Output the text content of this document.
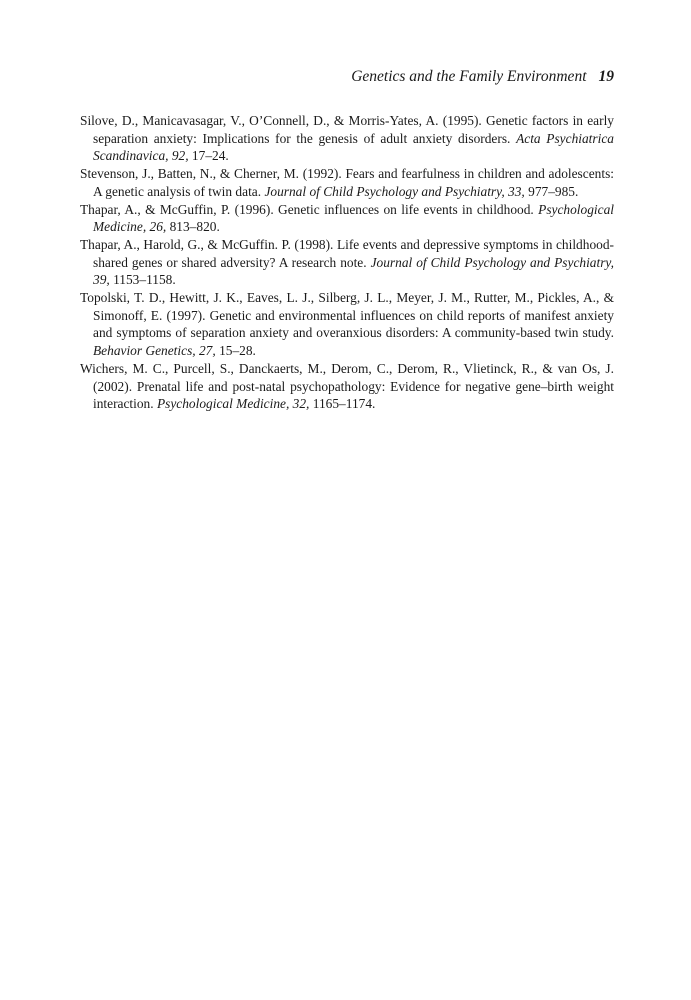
Genetics and the Family Environment 19

Silove, D., Manicavasagar, V., O’Connell, D., & Morris-Yates, A. (1995). Genetic factors in early separation anxiety: Implications for the genesis of adult anxiety disorders. Acta Psychiatrica Scandinavica, 92, 17–24.

Stevenson, J., Batten, N., & Cherner, M. (1992). Fears and fearfulness in children and adolescents: A genetic analysis of twin data. Journal of Child Psychology and Psychiatry, 33, 977–985.

Thapar, A., & McGuffin, P. (1996). Genetic influences on life events in childhood. Psychological Medicine, 26, 813–820.

Thapar, A., Harold, G., & McGuffin. P. (1998). Life events and depressive symptoms in childhood-shared genes or shared adversity? A research note. Journal of Child Psychology and Psychiatry, 39, 1153–1158.

Topolski, T. D., Hewitt, J. K., Eaves, L. J., Silberg, J. L., Meyer, J. M., Rutter, M., Pickles, A., & Simonoff, E. (1997). Genetic and environmental influences on child reports of manifest anxiety and symptoms of separation anxiety and overanxious disorders: A community-based twin study. Behavior Genetics, 27, 15–28.

Wichers, M. C., Purcell, S., Danckaerts, M., Derom, C., Derom, R., Vlietinck, R., & van Os, J. (2002). Prenatal life and post-natal psychopathology: Evidence for negative gene–birth weight interaction. Psychological Medicine, 32, 1165–1174.
